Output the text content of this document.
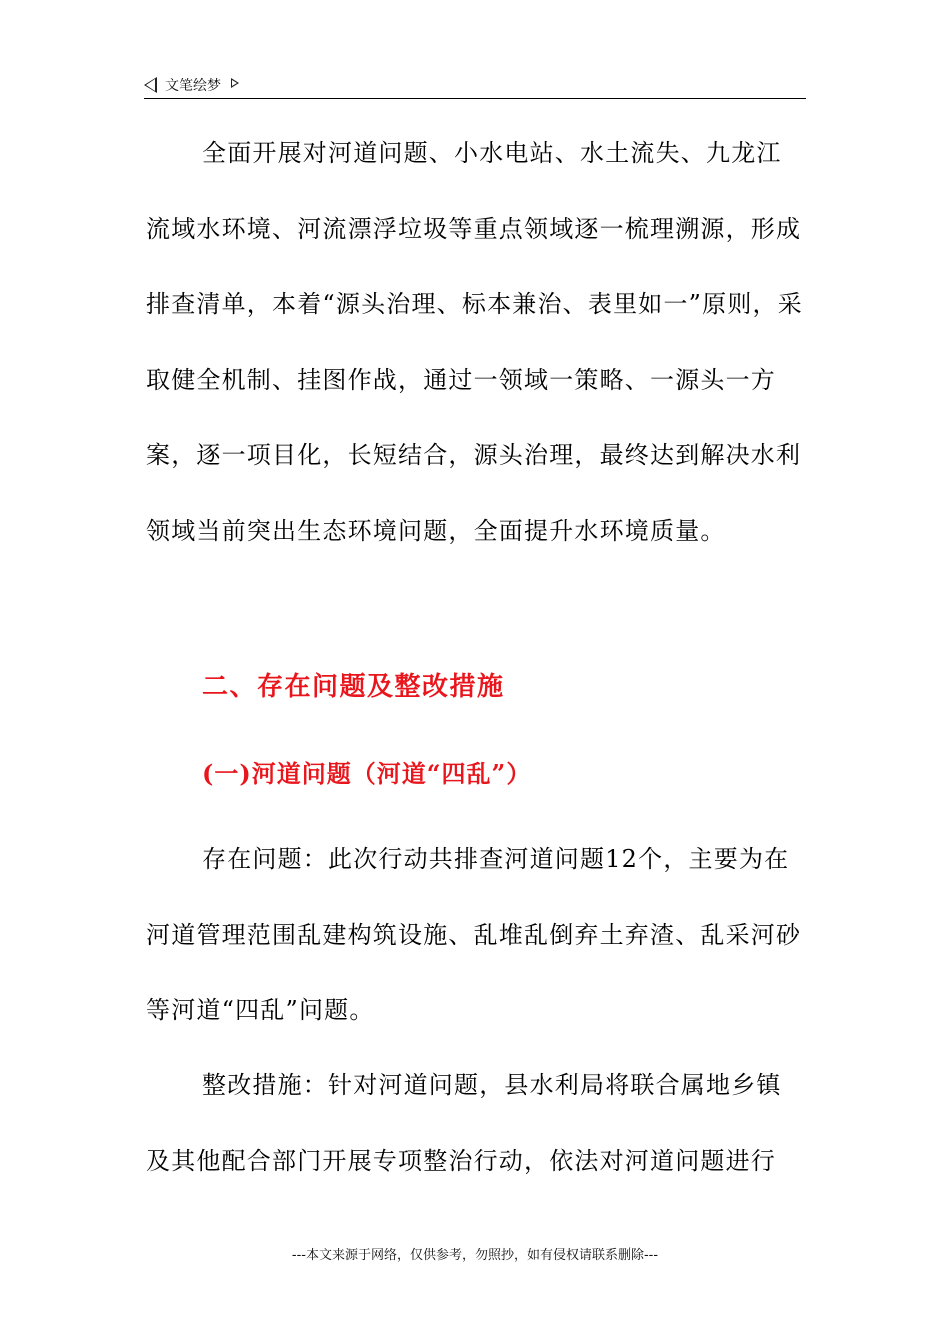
文笔绘梦

全面开展对河道问题、小水电站、水土流失、九龙江流域水环境、河流漂浮垃圾等重点领域逐一梳理溯源，形成排查清单，本着“源头治理、标本兼治、表里如一”原则，采取健全机制、挂图作战，通过一领域一策略、一源头一方案，逐一项目化，长短结合，源头治理，最终达到解决水利领域当前突出生态环境问题，全面提升水环境质量。

二、存在问题及整改措施
(一)河道问题（河道“四乱”）

存在问题：此次行动共排查河道问题12个，主要为在河道管理范围乱建构筑设施、乱堆乱倒弃土弃渣、乱采河砂等河道“四乱”问题。

整改措施：针对河道问题，县水利局将联合属地乡镇及其他配合部门开展专项整治行动，依法对河道问题进行

---本文来源于网络，仅供参考，勿照抄，如有侵权请联系删除---
